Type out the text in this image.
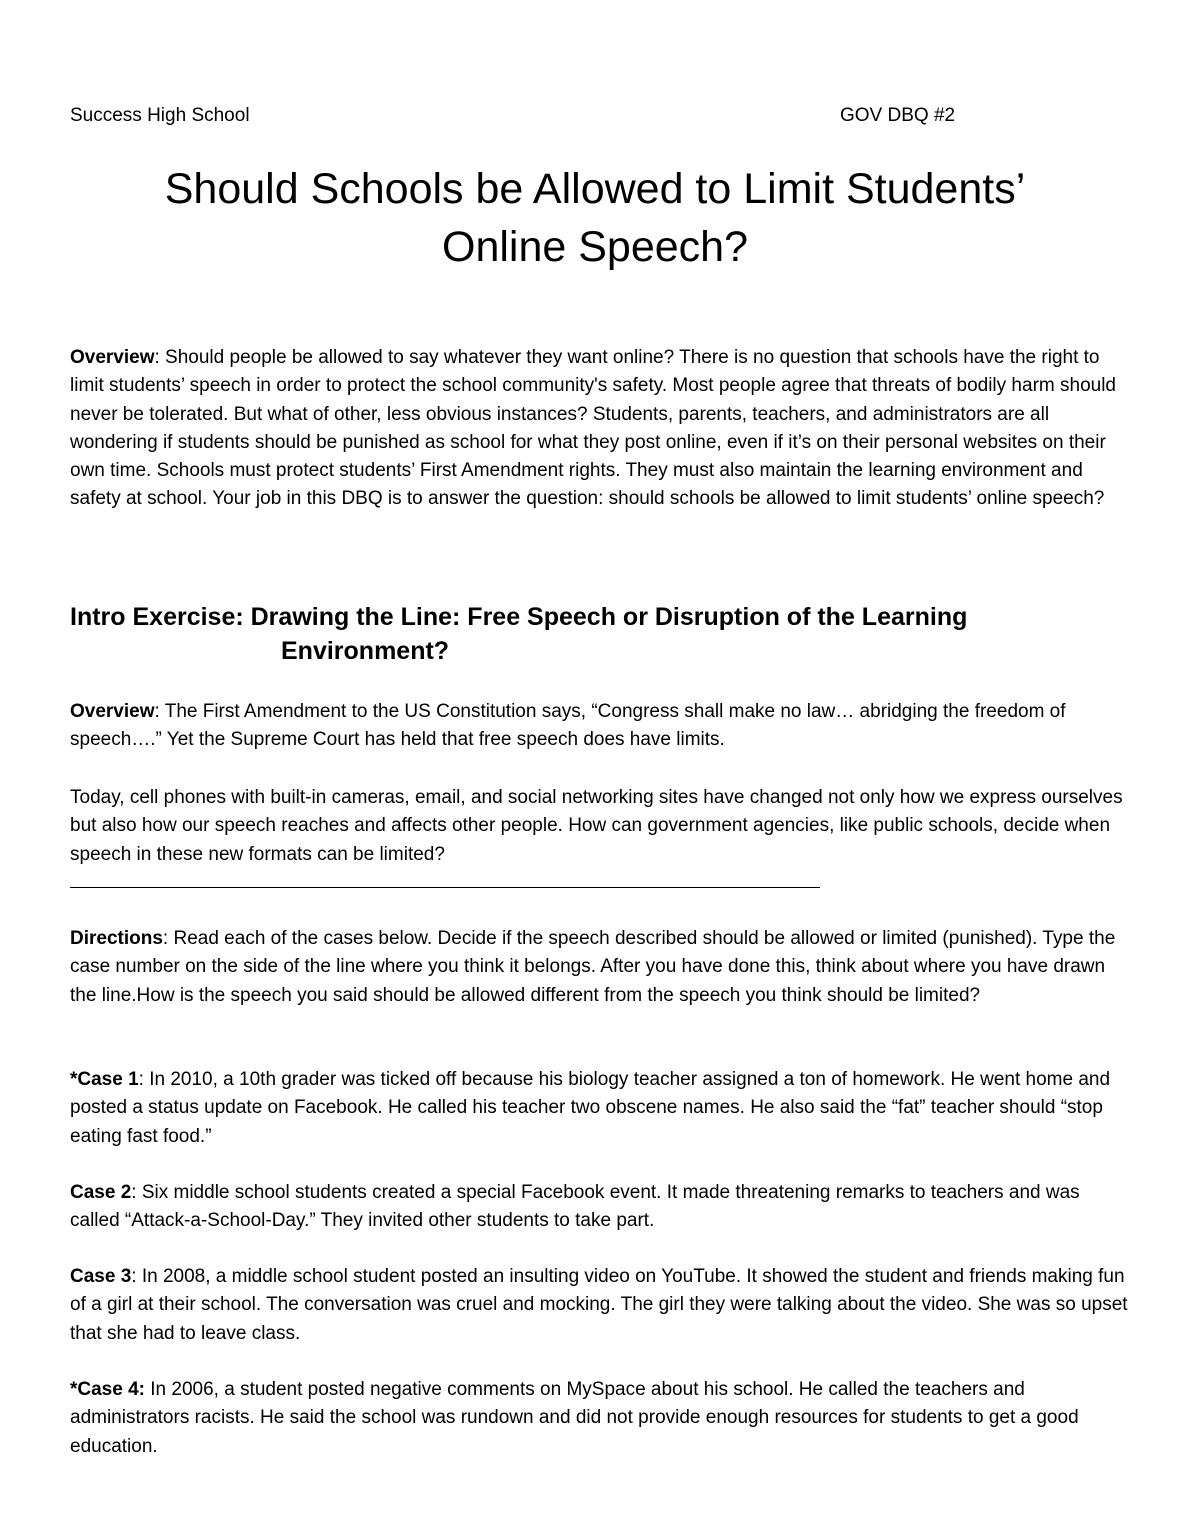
Success High School	GOV DBQ #2
Should Schools be Allowed to Limit Students’
Online Speech?

Overview: Should people be allowed to say whatever they want online? There is no question that schools have the right to limit students’ speech in order to protect the school community's safety. Most people agree that threats of bodily harm should never be tolerated. But what of other, less obvious instances? Students, parents, teachers, and administrators are all wondering if students should be punished as school for what they post online, even if it’s on their personal websites on their own time. Schools must protect students’ First Amendment rights. They must also maintain the learning environment and safety at school. Your job in this DBQ is to answer the question: should schools be allowed to limit students’ online speech?

Intro Exercise: Drawing the Line: Free Speech or Disruption of the Learning
Environment?

Overview: The First Amendment to the US Constitution says, “Congress shall make no law… abridging the freedom of speech….” Yet the Supreme Court has held that free speech does have limits.

Today, cell phones with built-in cameras, email, and social networking sites have changed not only how we express ourselves but also how our speech reaches and affects other people. How can government agencies, like public schools, decide when speech in these new formats can be limited?

Directions: Read each of the cases below. Decide if the speech described should be allowed or limited (punished). Type the case number on the side of the line where you think it belongs. After you have done this, think about where you have drawn the line.How is the speech you said should be allowed different from the speech you think should be limited?

*Case 1: In 2010, a 10th grader was ticked off because his biology teacher assigned a ton of homework. He went home and posted a status update on Facebook. He called his teacher two obscene names. He also said the “fat” teacher should “stop eating fast food.”

Case 2: Six middle school students created a special Facebook event. It made threatening remarks to teachers and was called “Attack-a-School-Day.” They invited other students to take part.

Case 3: In 2008, a middle school student posted an insulting video on YouTube. It showed the student and friends making fun of a girl at their school. The conversation was cruel and mocking. The girl they were talking about the video. She was so upset that she had to leave class.

*Case 4: In 2006, a student posted negative comments on MySpace about his school. He called the teachers and administrators racists. He said the school was rundown and did not provide enough resources for students to get a good education.
